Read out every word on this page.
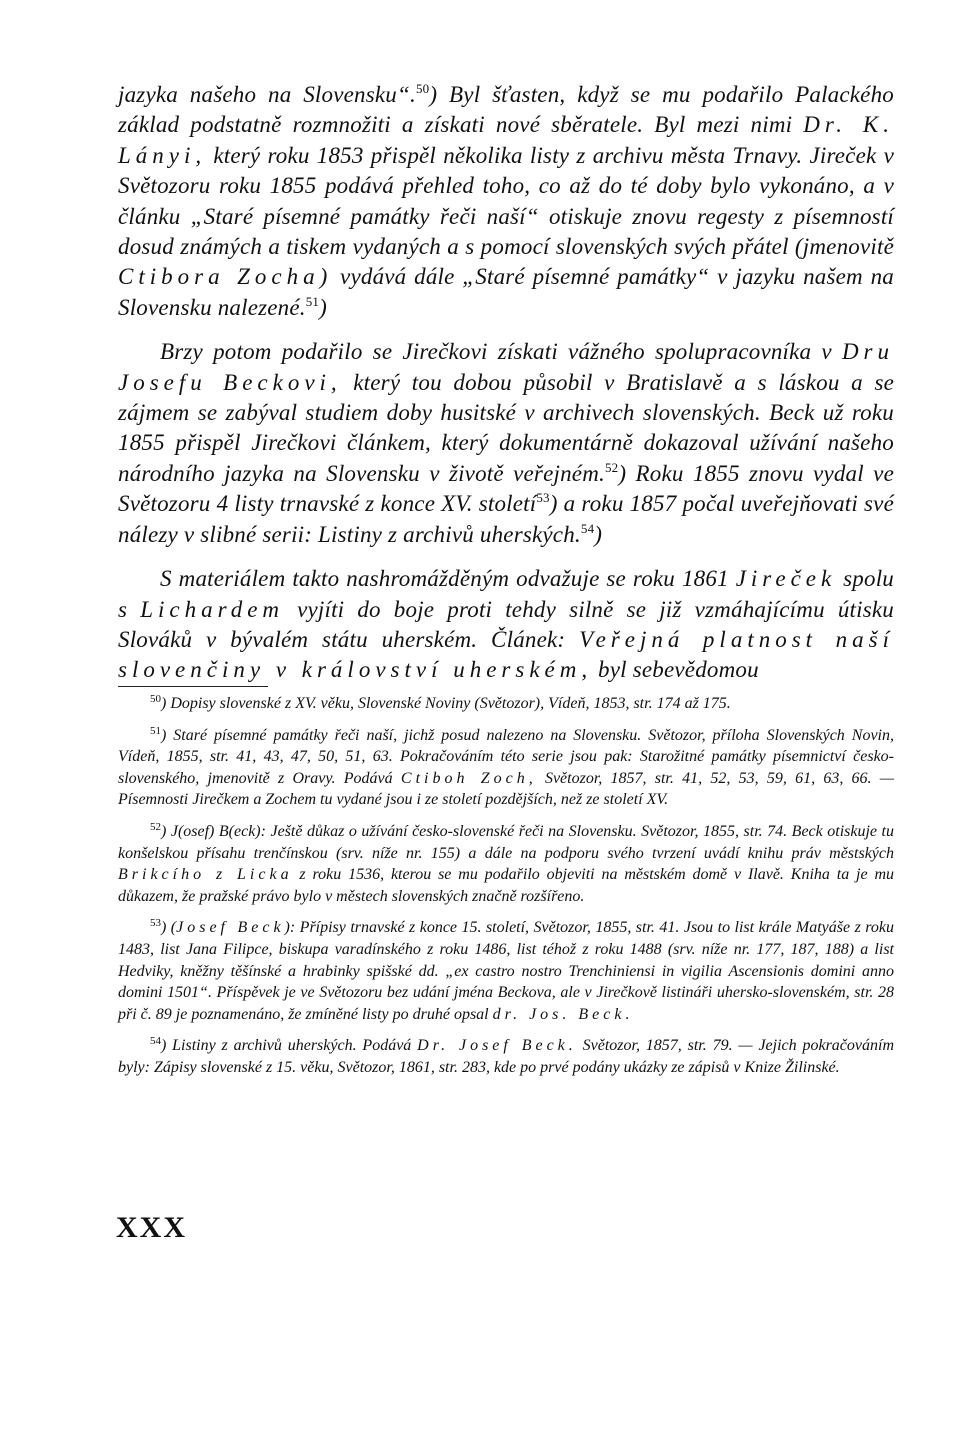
jazyka našeho na Slovensku“.$^{50}$) Byl šťasten, když se mu podařilo Palackého základ podstatně rozmnožiti a získati nové sběratele. Byl mezi nimi Dr. K. Lányi, který roku 1853 přispěl několika listy z archivu města Trnavy. Jireček v Světozoru roku 1855 podává přehled toho, co až do té doby bylo vykonáno, a v článku „Staré písemné památky řeči naší“ otiskuje znovu regesty z písemností dosud známých a tiskem vydaných a s pomocí slovenských svých přátel (jmenovitě Ctibora Zocha) vydává dále „Staré písemné památky“ v jazyku našem na Slovensku nalezené.$^{51}$)

Brzy potom podařilo se Jirečkovi získati vážného spolupracovníka v Dru Josefu Beckovi, který tou dobou působil v Bratislavě a s láskou a se zájmem se zabýval studiem doby husitské v archivech slovenských. Beck už roku 1855 přispěl Jirečkovi článkem, který dokumentárně dokazoval užívání našeho národního jazyka na Slovensku v životě veřejném.$^{52}$) Roku 1855 znovu vydal ve Světozoru 4 listy trnavské z konce XV. století$^{53}$) a roku 1857 počal uveřejňovati své nálezy v slibné serii: Listiny z archivů uherských.$^{54}$)

S materiálem takto nashromážděným odvažuje se roku 1861 Jireček spolu s Lichardem vyjíti do boje proti tehdy silně se již vzmáhajícímu útisku Slováků v bývalém státu uherském. Článek: Veřejná platnost naší slovenčiny v království uherském, byl sebevědomou

$^{50}$) Dopisy slovenské z XV. věku, Slovenské Noviny (Světozor), Vídeň, 1853, str. 174 až 175.

$^{51}$) Staré písemné památky řeči naší, jichž posud nalezeno na Slovensku. Světozor, příloha Slovenských Novin, Vídeň, 1855, str. 41, 43, 47, 50, 51, 63. Pokračováním této serie jsou pak: Starožitné památky písemnictví česko-slovenského, jmenovitě z Oravy. Podává Ctiboh Zoch, Světozor, 1857, str. 41, 52, 53, 59, 61, 63, 66. — Písemnosti Jirečkem a Zochem tu vydané jsou i ze století pozdějších, než ze století XV.

$^{52}$) J(osef) B(eck): Ještě důkaz o užívání česko-slovenské řeči na Slovensku. Světozor, 1855, str. 74. Beck otiskuje tu konšelskou přísahu trenčínskou (srv. níže nr. 155) a dále na podporu svého tvrzení uvádí knihu práv městských Brikcího z Licka z roku 1536, kterou se mu podařilo objeviti na městském domě v Ilavě. Kniha ta je mu důkazem, že pražské právo bylo v městech slovenských značně rozšířeno.

$^{53}$) (Josef Beck): Přípisy trnavské z konce 15. století, Světozor, 1855, str. 41. Jsou to list krále Matyáše z roku 1483, list Jana Filipce, biskupa varadínského z roku 1486, list téhož z roku 1488 (srv. níže nr. 177, 187, 188) a list Hedviky, kněžny těšínské a hrabinky spišské dd. „ex castro nostro Trenchiniensi in vigilia Ascensionis domini anno domini 1501“. Příspěvek je ve Světozoru bez udání jména Beckova, ale v Jirečkově listináři uhersko-slovenském, str. 28 při č. 89 je poznamenáno, že zmíněné listy po druhé opsal dr. Jos. Beck.

$^{54}$) Listiny z archivů uherských. Podává Dr. Josef Beck. Světozor, 1857, str. 79. — Jejich pokračováním byly: Zápisy slovenské z 15. věku, Světozor, 1861, str. 283, kde po prvé podány ukázky ze zápisů v Knize Žilinské.

XXX
